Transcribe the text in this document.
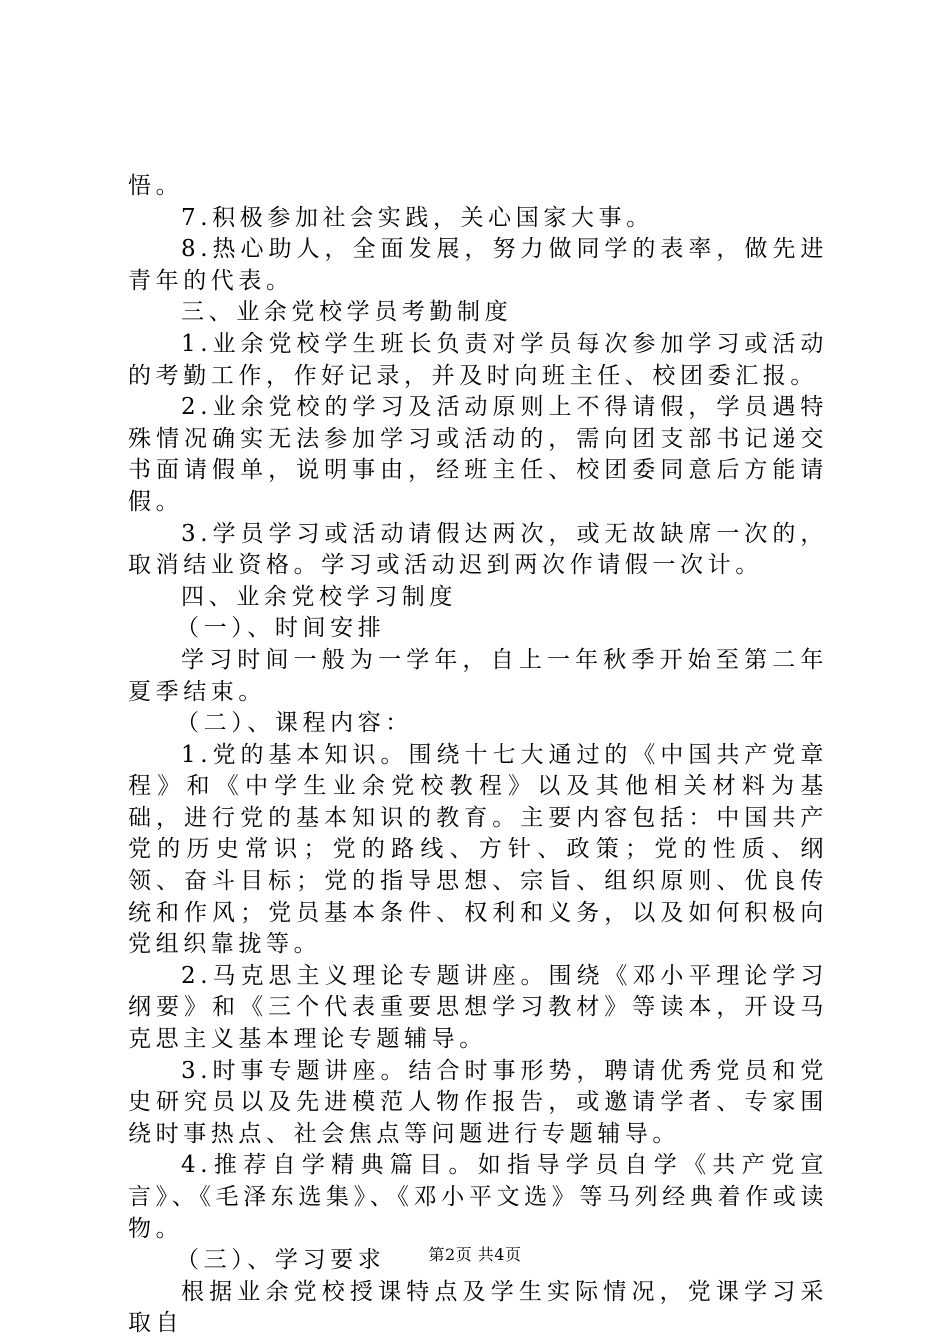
悟。

7.积极参加社会实践，关心国家大事。

8.热心助人，全面发展，努力做同学的表率，做先进青年的代表。

三、业余党校学员考勤制度

1.业余党校学生班长负责对学员每次参加学习或活动的考勤工作，作好记录，并及时向班主任、校团委汇报。

2.业余党校的学习及活动原则上不得请假，学员遇特殊情况确实无法参加学习或活动的，需向团支部书记递交书面请假单，说明事由，经班主任、校团委同意后方能请假。

3.学员学习或活动请假达两次，或无故缺席一次的，取消结业资格。学习或活动迟到两次作请假一次计。

四、业余党校学习制度

（一）、时间安排

学习时间一般为一学年，自上一年秋季开始至第二年夏季结束。

（二）、课程内容：

1.党的基本知识。围绕十七大通过的《中国共产党章程》和《中学生业余党校教程》以及其他相关材料为基础，进行党的基本知识的教育。主要内容包括：中国共产党的历史常识；党的路线、方针、政策；党的性质、纲领、奋斗目标；党的指导思想、宗旨、组织原则、优良传统和作风；党员基本条件、权利和义务，以及如何积极向党组织靠拢等。

2.马克思主义理论专题讲座。围绕《邓小平理论学习纲要》和《三个代表重要思想学习教材》等读本，开设马克思主义基本理论专题辅导。

3.时事专题讲座。结合时事形势，聘请优秀党员和党史研究员以及先进模范人物作报告，或邀请学者、专家围绕时事热点、社会焦点等问题进行专题辅导。

4.推荐自学精典篇目。如指导学员自学《共产党宣言》、《毛泽东选集》、《邓小平文选》等马列经典着作或读物。

（三）、学习要求

根据业余党校授课特点及学生实际情况，党课学习采取自

第2页 共4页
